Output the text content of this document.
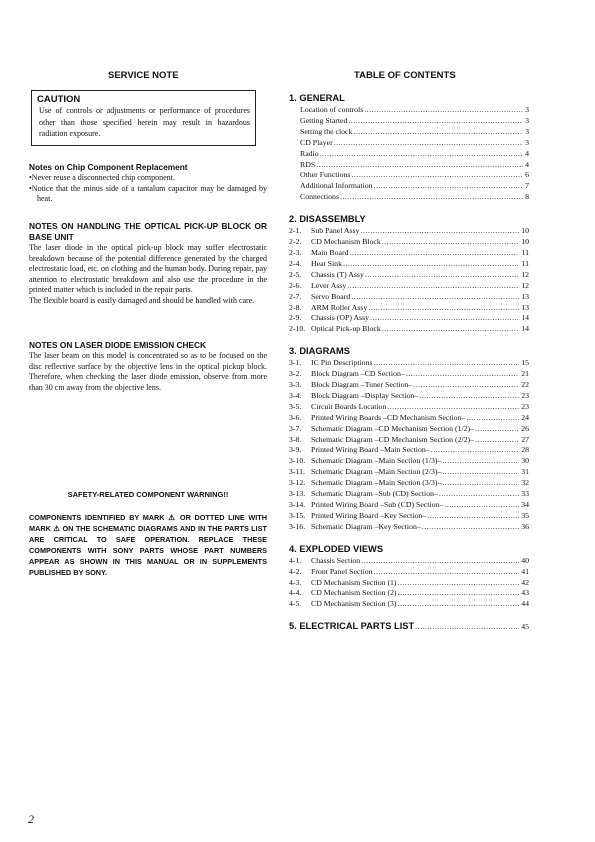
SERVICE NOTE
CAUTION
Use of controls or adjustments or performance of procedures other than those specified herein may result in hazardous radiation exposure.
Notes on Chip Component Replacement
•Never reuse a disconnected chip component.
•Notice that the minus side of a tantalum capacitor may be damaged by heat.
NOTES ON HANDLING THE OPTICAL PICK-UP BLOCK OR BASE UNIT
The laser diode in the optical pick-up block may suffer electrostatic breakdown because of the potential difference generated by the charged electrostatic load, etc. on clothing and the human body. During repair, pay attention to electrostatic breakdown and also use the procedure in the printed matter which is included in the repair parts.
The flexible board is easily damaged and should be handled with care.
NOTES ON LASER DIODE EMISSION CHECK
The laser beam on this model is concentrated so as to be focused on the disc reflective surface by the objective lens in the optical pickup block. Therefore, when checking the laser diode emission, observe from more than 30 cm away from the objective lens.
SAFETY-RELATED COMPONENT WARNING!!
COMPONENTS IDENTIFIED BY MARK ⚠ OR DOTTED LINE WITH MARK ⚠ ON THE SCHEMATIC DIAGRAMS AND IN THE PARTS LIST ARE CRITICAL TO SAFE OPERATION. REPLACE THESE COMPONENTS WITH SONY PARTS WHOSE PART NUMBERS APPEAR AS SHOWN IN THIS MANUAL OR IN SUPPLEMENTS PUBLISHED BY SONY.
TABLE OF CONTENTS
1. GENERAL
Location of controls .....	3
Getting Started .....	3
Setting the clock .....	3
CD Player .....	3
Radio .....	4
RDS .....	4
Other Functions .....	6
Additional Information .....	7
Connections .....	8
2. DISASSEMBLY
2-1.	Sub Panel Assy .....	10
2-2.	CD Mechanism Block .....	10
2-3.	Main Board .....	11
2-4.	Heat Sink .....	11
2-5.	Chassis (T) Assy .....	12
2-6.	Lever Assy .....	12
2-7.	Servo Board .....	13
2-8.	ARM Roller Assy .....	13
2-9.	Chassis (OP) Assy .....	14
2-10. Optical Pick-up Block .....	14
3. DIAGRAMS
3-1.	IC Pin Descriptions .....	15
3-2.	Block Diagram –CD Section– .....	21
3-3.	Block Diagram –Tuner Section– .....	22
3-4.	Block Diagram –Display Section– .....	23
3-5.	Circuit Boards Location .....	23
3-6.	Printed Wiring Boards –CD Mechanism Section– .....	24
3-7.	Schematic Diagram –CD Mechanism Section (1/2)– .....	26
3-8.	Schematic Diagram –CD Mechanism Section (2/2)– .....	27
3-9.	Printed Wiring Board –Main Section– .....	28
3-10. Schematic Diagram –Main Section (1/3)– .....	30
3-11. Schematic Diagram –Main Section (2/3)– .....	31
3-12. Schematic Diagram –Main Section (3/3)– .....	32
3-13. Schematic Diagram –Sub (CD) Section– .....	33
3-14. Printed Wiring Board –Sub (CD) Section– .....	34
3-15. Printed Wiring Board –Key Section– .....	35
3-16. Schematic Diagram –Key Section– .....	36
4. EXPLODED VIEWS
4-1.	Chassis Section .....	40
4-2.	Front Panel Section .....	41
4-3.	CD Mechanism Section (1) .....	42
4-4.	CD Mechanism Section (2) .....	43
4-5.	CD Mechanism Section (3) .....	44
5. ELECTRICAL PARTS LIST .....	45
2
